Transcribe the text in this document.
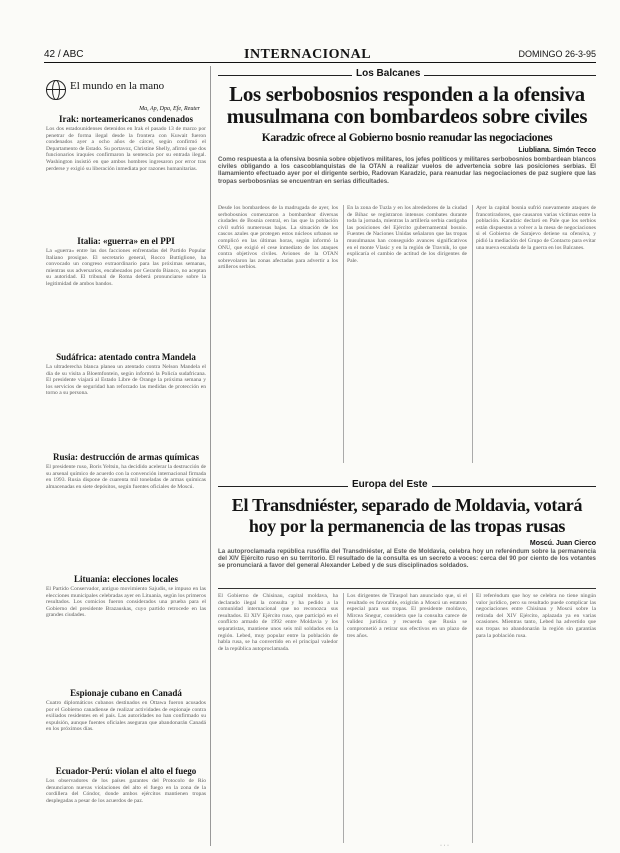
42 / ABC	INTERNACIONAL	DOMINGO 26-3-95
El mundo en la mano
Ma, Ap, Dpa, Efe, Reuter
Irak: norteamericanos condenados
Los dos estadounidenses detenidos en Irak el pasado 13 de marzo por penetrar de forma ilegal desde la frontera con Kuwait fueron condenados ayer a ocho años de cárcel, según confirmó el Departamento de Estado. Su portavoz, Christine Shelly, afirmó que dos funcionarios iraquíes confirmaron la sentencia por su entrada ilegal. Washington insistió en que ambos hombres ingresaron por error tras perderse y exigió su liberación inmediata por razones humanitarias.
Italia: «guerra» en el PPI
La «guerra» entre las dos facciones enfrentadas del Partido Popular Italiano prosigue. El secretario general, Rocco Buttiglione, ha convocado un congreso extraordinario para las próximas semanas, mientras sus adversarios, encabezados por Gerardo Bianco, no aceptan su autoridad. El tribunal de Roma deberá pronunciarse sobre la legitimidad de ambos bandos.
Sudáfrica: atentado contra Mandela
La ultraderecha blanca planea un atentado contra Nelson Mandela el día de su visita a Bloemfontein, según informó la Policía sudafricana. El presidente viajará al Estado Libre de Orange la próxima semana y los servicios de seguridad han reforzado las medidas de protección en torno a su persona.
Rusia: destrucción de armas químicas
El presidente ruso, Boris Yeltsin, ha decidido acelerar la destrucción de su arsenal químico de acuerdo con la convención internacional firmada en 1993. Rusia dispone de cuarenta mil toneladas de armas químicas almacenadas en siete depósitos, según fuentes oficiales de Moscú.
Lituania: elecciones locales
El Partido Conservador, antiguo movimiento Sajudis, se impuso en las elecciones municipales celebradas ayer en Lituania, según los primeros resultados. Los comicios fueron considerados una prueba para el Gobierno del presidente Brazauskas, cuyo partido retrocede en las grandes ciudades.
Espionaje cubano en Canadá
Cuatro diplomáticos cubanos destinados en Ottawa fueron acusados por el Gobierno canadiense de realizar actividades de espionaje contra exiliados residentes en el país. Las autoridades no han confirmado su expulsión, aunque fuentes oficiales aseguran que abandonarán Canadá en los próximos días.
Ecuador-Perú: violan el alto el fuego
Los observadores de los países garantes del Protocolo de Río denunciaron nuevas violaciones del alto el fuego en la zona de la cordillera del Cóndor, donde ambos ejércitos mantienen tropas desplegadas a pesar de los acuerdos de paz.
Los Balcanes
Los serbobosnios responden a la ofensiva musulmana con bombardeos sobre civiles
Karadzic ofrece al Gobierno bosnio reanudar las negociaciones
Liubliana. Simón Tecco
Como respuesta a la ofensiva bosnia sobre objetivos militares, los jefes políticos y militares serbobosnios bombardean blancos civiles obligando a los cascoblanquistas de la OTAN a realizar vuelos de advertencia sobre las posiciones serbias. El llamamiento efectuado ayer por el dirigente serbio, Radovan Karadzic, para reanudar las negociaciones de paz sugiere que las tropas serbobosnias se encuentran en serias dificultades.
Desde los bombardeos de la madrugada de ayer, los serbobosnios comenzaron a bombardear diversas ciudades de Bosnia central, en las que la población civil sufrió numerosas bajas. La situación de los cascos azules que protegen estos núcleos urbanos se complicó en las últimas horas, según informó la ONU, que exigió el cese inmediato de los ataques contra objetivos civiles. Aviones de la OTAN sobrevolaron las zonas afectadas para advertir a los artilleros serbios.
En la zona de Tuzla y en los alrededores de la ciudad de Bihac se registraron intensos combates durante toda la jornada, mientras la artillería serbia castigaba las posiciones del Ejército gubernamental bosnio. Fuentes de Naciones Unidas señalaron que las tropas musulmanas han conseguido avances significativos en el monte Vlasic y en la región de Travnik, lo que explicaría el cambio de actitud de los dirigentes de Pale.
Ayer la capital bosnia sufrió nuevamente ataques de francotiradores, que causaron varias víctimas entre la población. Karadzic declaró en Pale que los serbios están dispuestos a volver a la mesa de negociaciones si el Gobierno de Sarajevo detiene su ofensiva, y pidió la mediación del Grupo de Contacto para evitar una nueva escalada de la guerra en los Balcanes.
Europa del Este
El Transdniéster, separado de Moldavia, votará hoy por la permanencia de las tropas rusas
Moscú. Juan Cierco
La autoproclamada república rusófila del Transdniéster, al Este de Moldavia, celebra hoy un referéndum sobre la permanencia del XIV Ejército ruso en su territorio. El resultado de la consulta es un secreto a voces: cerca del 90 por ciento de los votantes se pronunciará a favor del general Alexander Lebed y de sus disciplinados soldados.
El Gobierno de Chisinau, capital moldava, ha declarado ilegal la consulta y ha pedido a la comunidad internacional que no reconozca sus resultados. El XIV Ejército ruso, que participó en el conflicto armado de 1992 entre Moldavia y los separatistas, mantiene unos seis mil soldados en la región. Lebed, muy popular entre la población de habla rusa, se ha convertido en el principal valedor de la república autoproclamada.
Los dirigentes de Tiraspol han anunciado que, si el resultado es favorable, exigirán a Moscú un estatuto especial para sus tropas. El presidente moldavo, Mircea Snegur, considera que la consulta carece de validez jurídica y recuerda que Rusia se comprometió a retirar sus efectivos en un plazo de tres años.
El referéndum que hoy se celebra no tiene ningún valor jurídico, pero su resultado puede complicar las negociaciones entre Chisinau y Moscú sobre la retirada del XIV Ejército, aplazada ya en varias ocasiones. Mientras tanto, Lebed ha advertido que sus tropas no abandonarán la región sin garantías para la población rusa.
· · ·
